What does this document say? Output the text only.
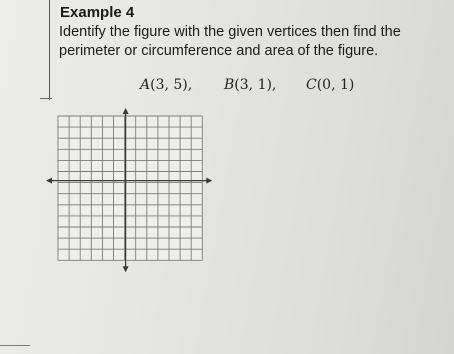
Example 4
Identify the figure with the given vertices then find the perimeter or circumference and area of the figure.
A(3, 5), B(3, 1), C(0, 1)
